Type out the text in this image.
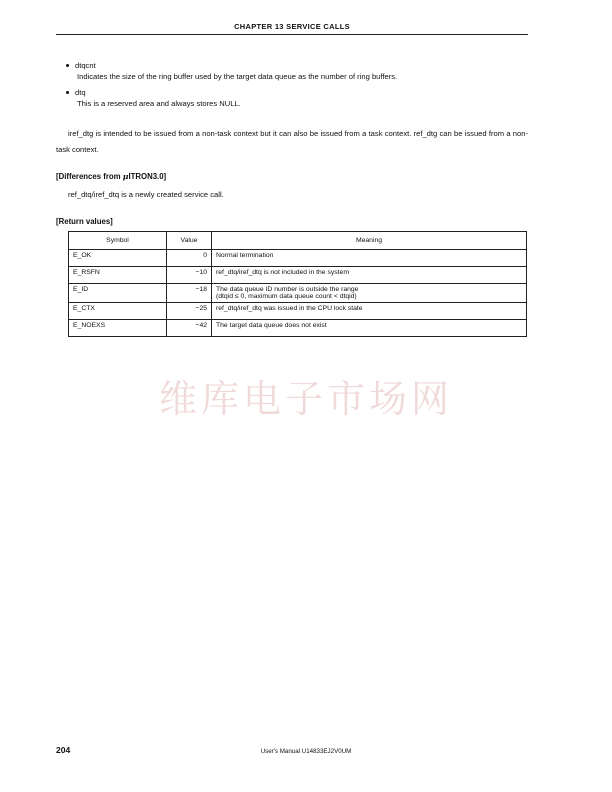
CHAPTER 13 SERVICE CALLS
dtqcnt
Indicates the size of the ring buffer used by the target data queue as the number of ring buffers.
dtq
This is a reserved area and always stores NULL.
iref_dtg is intended to be issued from a non-task context but it can also be issued from a task context. ref_dtg can be issued from a non-task context.
[Differences from μITRON3.0]
ref_dtq/iref_dtq is a newly created service call.
[Return values]
Symbol	Value	Meaning
E_OK	0	Normal termination
E_RSFN	−10	ref_dtq/iref_dtq is not included in the system
E_ID	−18	The data queue ID number is outside the range
(dtqid ≤ 0, maximum data queue count < dtqid)

E_CTX	−25	ref_dtq/iref_dtq was issued in the CPU lock state
E_NOEXS	−42	The target data queue does not exist
维库电子市场网
204	User's Manual U14833EJ2V0UM
